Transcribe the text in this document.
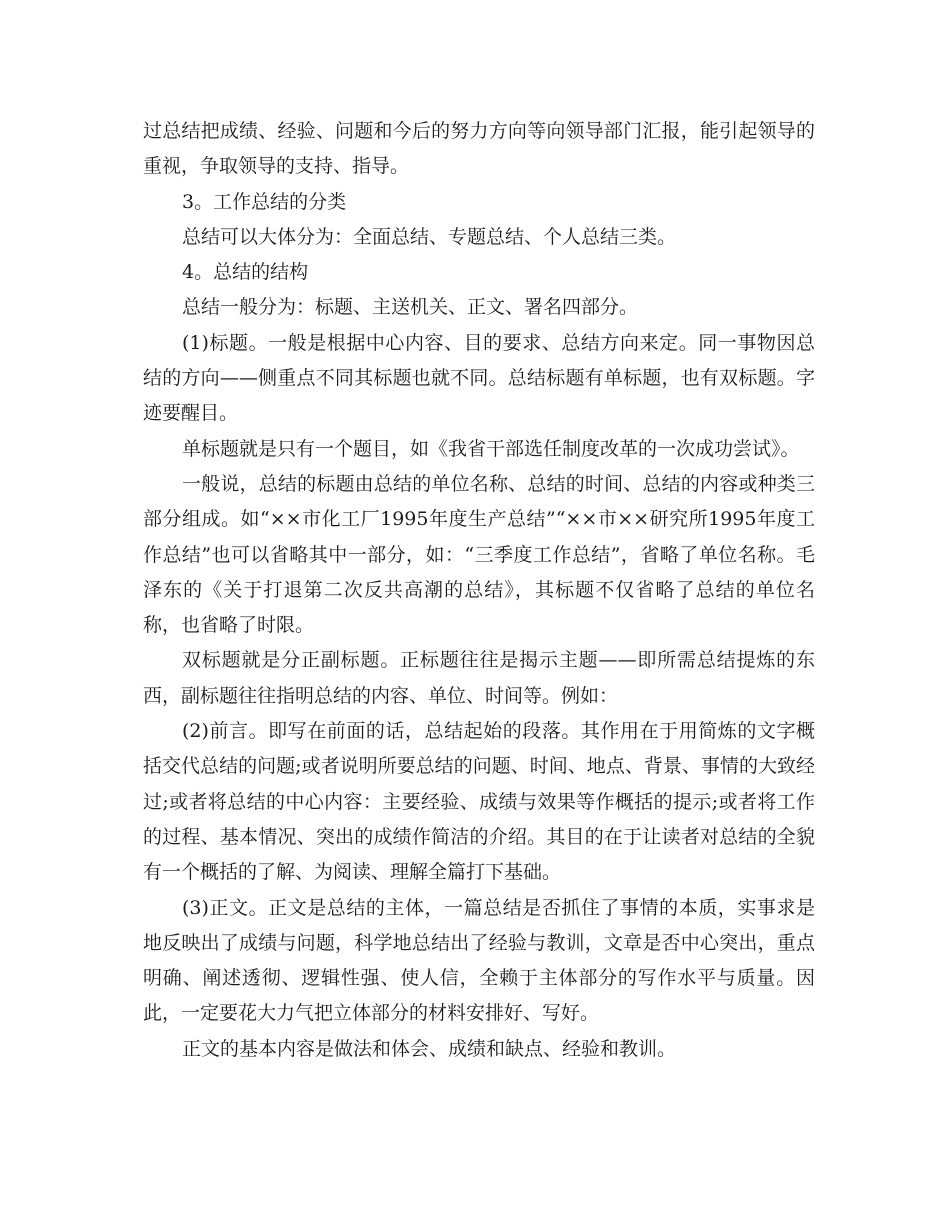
过总结把成绩、经验、问题和今后的努力方向等向领导部门汇报，能引起领导的重视，争取领导的支持、指导。

3。工作总结的分类

总结可以大体分为：全面总结、专题总结、个人总结三类。

4。总结的结构

总结一般分为：标题、主送机关、正文、署名四部分。

(1)标题。一般是根据中心内容、目的要求、总结方向来定。同一事物因总结的方向——侧重点不同其标题也就不同。总结标题有单标题，也有双标题。字迹要醒目。

单标题就是只有一个题目，如《我省干部选任制度改革的一次成功尝试》。

一般说，总结的标题由总结的单位名称、总结的时间、总结的内容或种类三部分组成。如“××市化工厂1995年度生产总结”“××市××研究所1995年度工作总结”也可以省略其中一部分，如：“三季度工作总结”，省略了单位名称。毛泽东的《关于打退第二次反共高潮的总结》，其标题不仅省略了总结的单位名称，也省略了时限。

双标题就是分正副标题。正标题往往是揭示主题——即所需总结提炼的东西，副标题往往指明总结的内容、单位、时间等。例如：

(2)前言。即写在前面的话，总结起始的段落。其作用在于用简炼的文字概括交代总结的问题;或者说明所要总结的问题、时间、地点、背景、事情的大致经过;或者将总结的中心内容：主要经验、成绩与效果等作概括的提示;或者将工作的过程、基本情况、突出的成绩作简洁的介绍。其目的在于让读者对总结的全貌有一个概括的了解、为阅读、理解全篇打下基础。

(3)正文。正文是总结的主体，一篇总结是否抓住了事情的本质，实事求是地反映出了成绩与问题，科学地总结出了经验与教训，文章是否中心突出，重点明确、阐述透彻、逻辑性强、使人信，全赖于主体部分的写作水平与质量。因此，一定要花大力气把立体部分的材料安排好、写好。

正文的基本内容是做法和体会、成绩和缺点、经验和教训。
